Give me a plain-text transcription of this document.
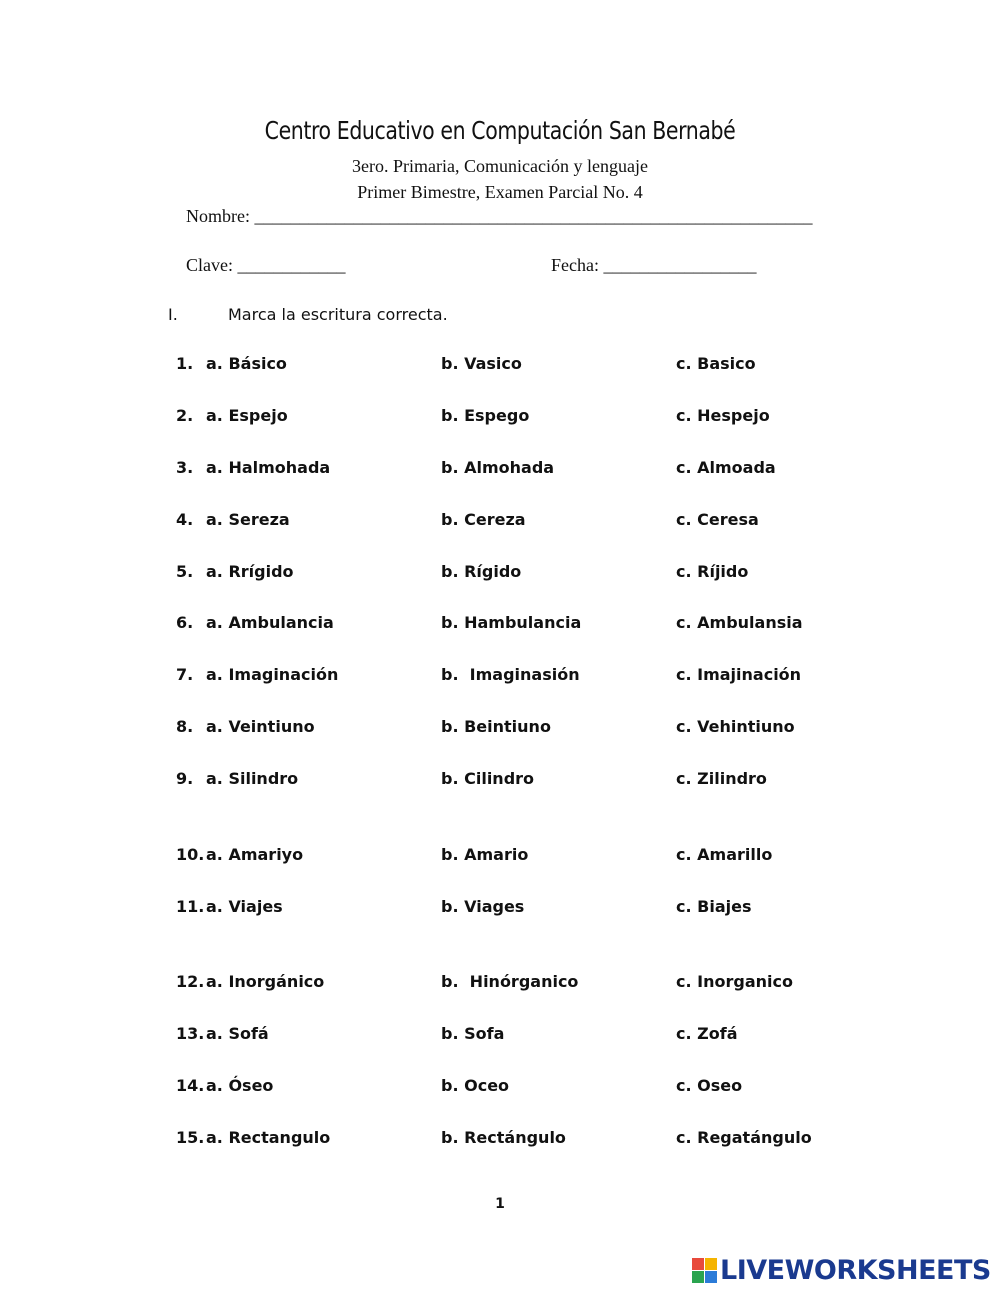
Centro Educativo en Computación San Bernabé
3ero. Primaria, Comunicación y lenguaje
Primer Bimestre, Examen Parcial No. 4
Nombre: ______________________________________________________________
Clave: ____________	Fecha: _________________
I.	Marca la escritura correcta.
1. a. Básico	b. Vasico	c. Basico
2. a. Espejo	b. Espego	c. Hespejo
3. a. Halmohada	b. Almohada	c. Almoada
4. a. Sereza	b. Cereza	c. Ceresa
5. a. Rrígido	b. Rígido	c. Ríjido
6. a. Ambulancia	b. Hambulancia	c. Ambulansia
7. a. Imaginación	b.  Imaginasión	c. Imajinación
8. a. Veintiuno	b. Beintiuno	c. Vehintiuno
9. a. Silindro	b. Cilindro	c. Zilindro
10. a. Amariyo	b. Amario	c. Amarillo
11. a. Viajes	b. Viages	c. Biajes
12. a. Inorgánico	b.  Hinórganico	c. Inorganico
13. a. Sofá	b. Sofa	c. Zofá
14. a. Óseo	b. Oceo	c. Oseo
15. a. Rectangulo	b. Rectángulo	c. Regatángulo
1
LIVEWORKSHEETS
